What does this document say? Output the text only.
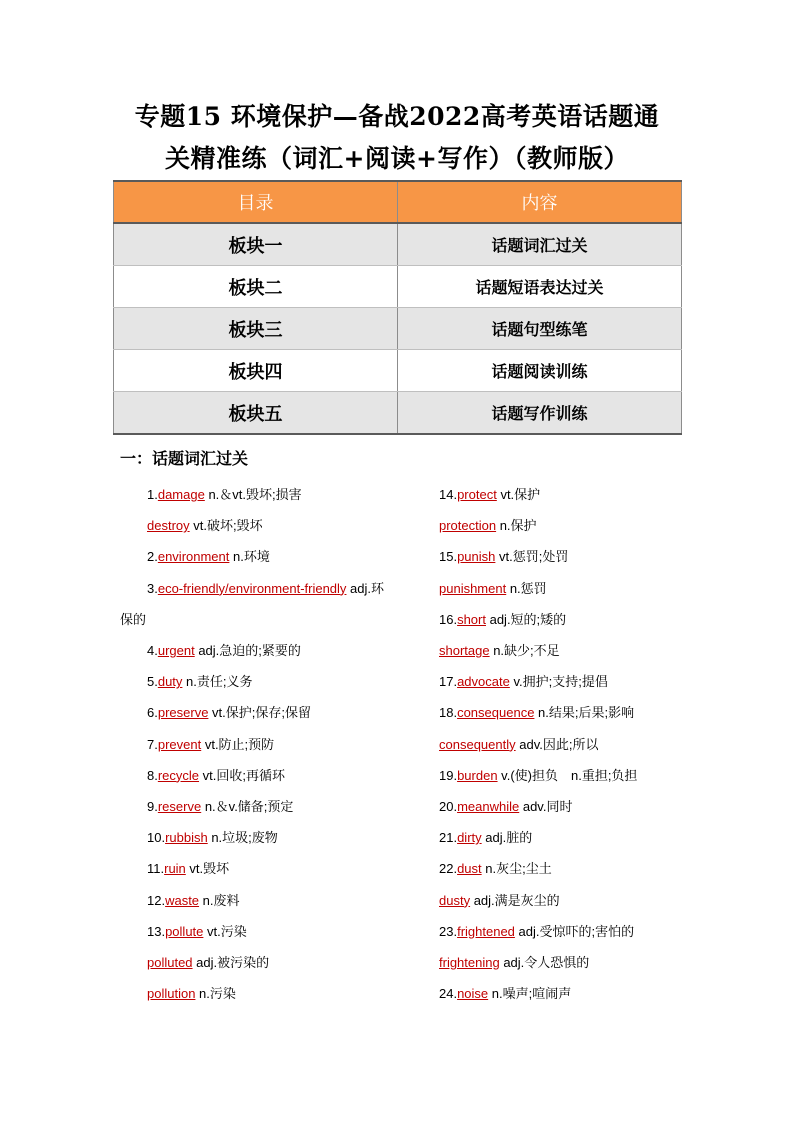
专题15 环境保护—备战2022高考英语话题通
关精准练（词汇+阅读+写作）（教师版）
目录	内容
板块一	话题词汇过关
板块二	话题短语表达过关
板块三	话题句型练笔
板块四	话题阅读训练
板块五	话题写作训练
一：话题词汇过关
1.damage n.＆vt.毁坏;损害
destroy vt.破坏;毁坏
2.environment n.环境
3.eco-friendly/environment-friendly adj.环
保的
4.urgent adj.急迫的;紧要的
5.duty n.责任;义务
6.preserve vt.保护;保存;保留
7.prevent vt.防止;预防
8.recycle vt.回收;再循环
9.reserve n.＆v.储备;预定
10.rubbish n.垃圾;废物
11.ruin vt.毁坏
12.waste n.废料
13.pollute vt.污染
polluted adj.被污染的
pollution n.污染
14.protect vt.保护
protection n.保护
15.punish vt.惩罚;处罚
punishment n.惩罚
16.short adj.短的;矮的
shortage n.缺少;不足
17.advocate v.拥护;支持;提倡
18.consequence n.结果;后果;影响
consequently adv.因此;所以
19.burden v.(使)担负　n.重担;负担
20.meanwhile adv.同时
21.dirty adj.脏的
22.dust n.灰尘;尘土
dusty adj.满是灰尘的
23.frightened adj.受惊吓的;害怕的
frightening adj.令人恐惧的
24.noise n.噪声;喧闹声
